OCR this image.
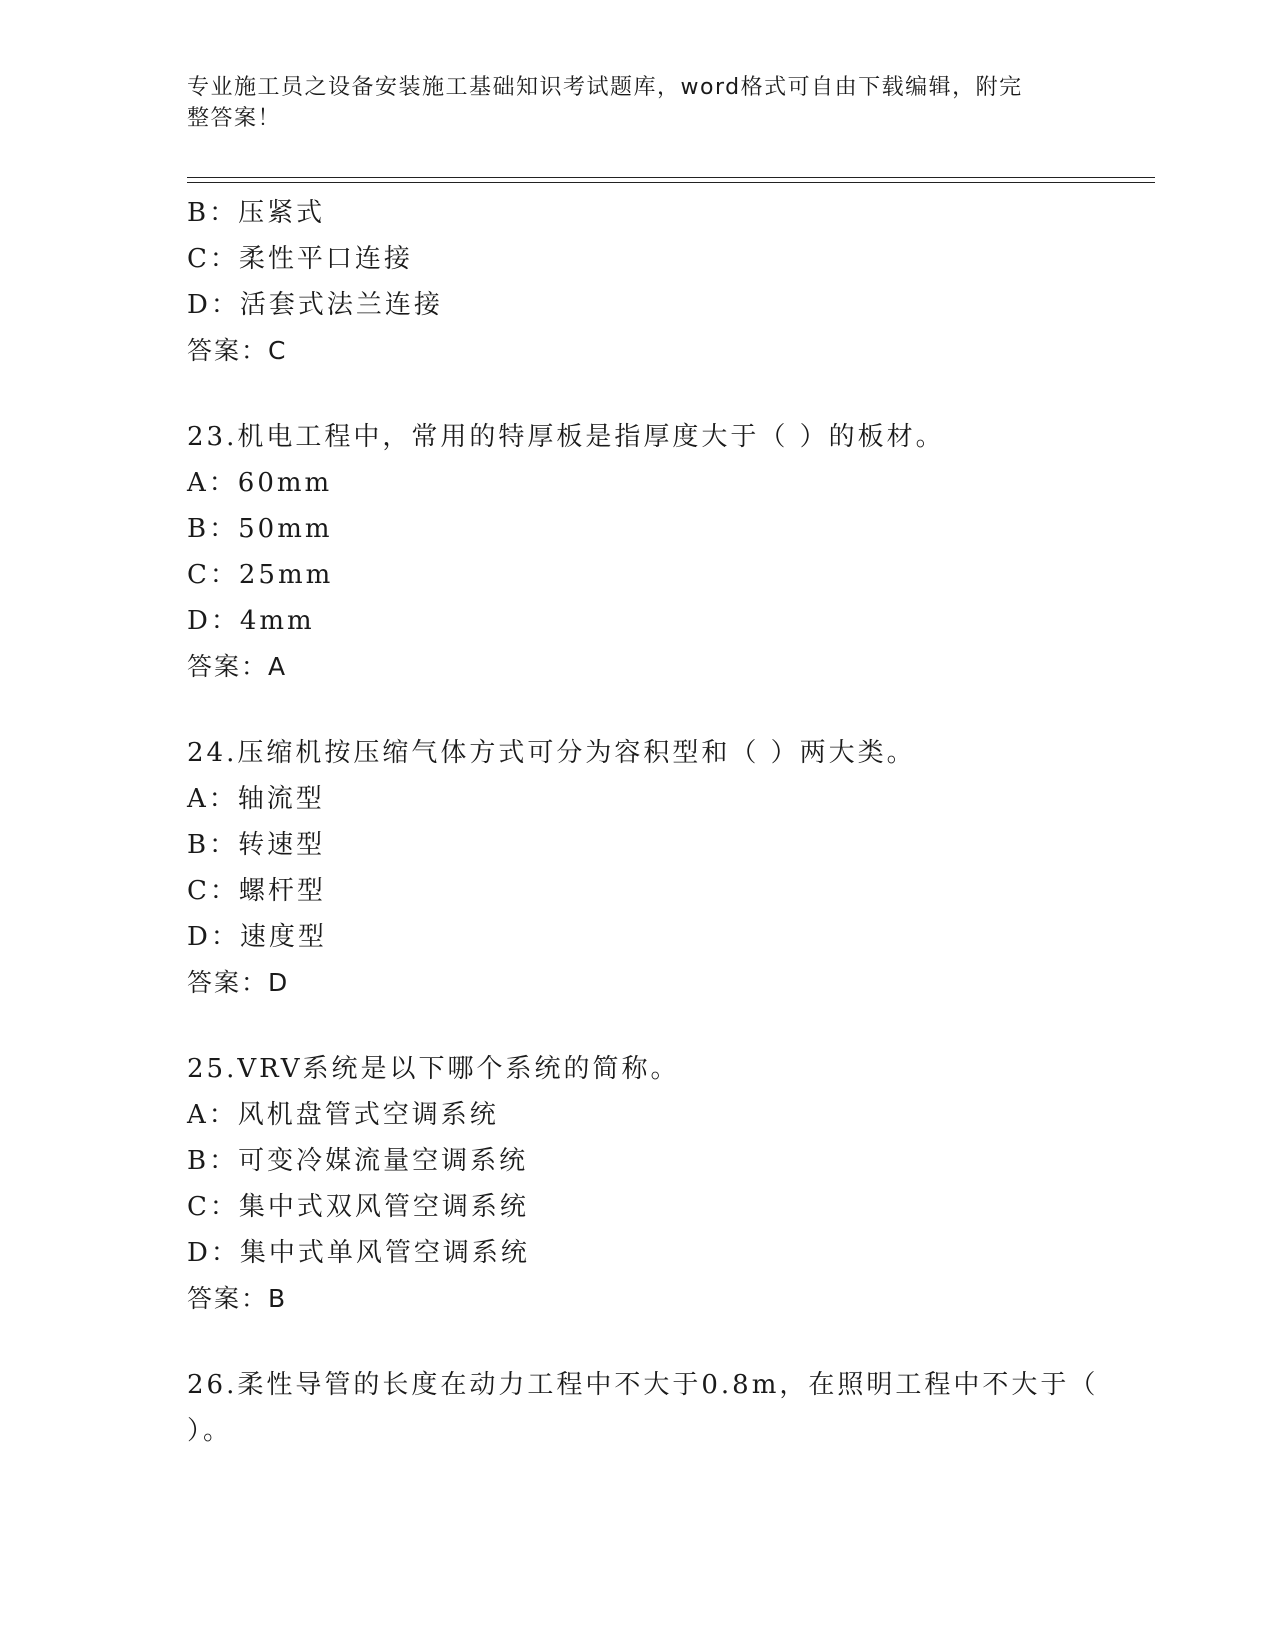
专业施工员之设备安装施工基础知识考试题库，word格式可自由下载编辑，附完
整答案！
B：压紧式
C：柔性平口连接
D：活套式法兰连接
答案：C
23.机电工程中，常用的特厚板是指厚度大于（ ）的板材。
A：60mm
B：50mm
C：25mm
D：4mm
答案：A
24.压缩机按压缩气体方式可分为容积型和（ ）两大类。
A：轴流型
B：转速型
C：螺杆型
D：速度型
答案：D
25.VRV系统是以下哪个系统的简称。
A：风机盘管式空调系统
B：可变冷媒流量空调系统
C：集中式双风管空调系统
D：集中式单风管空调系统
答案：B
26.柔性导管的长度在动力工程中不大于0.8m，在照明工程中不大于（
）。
